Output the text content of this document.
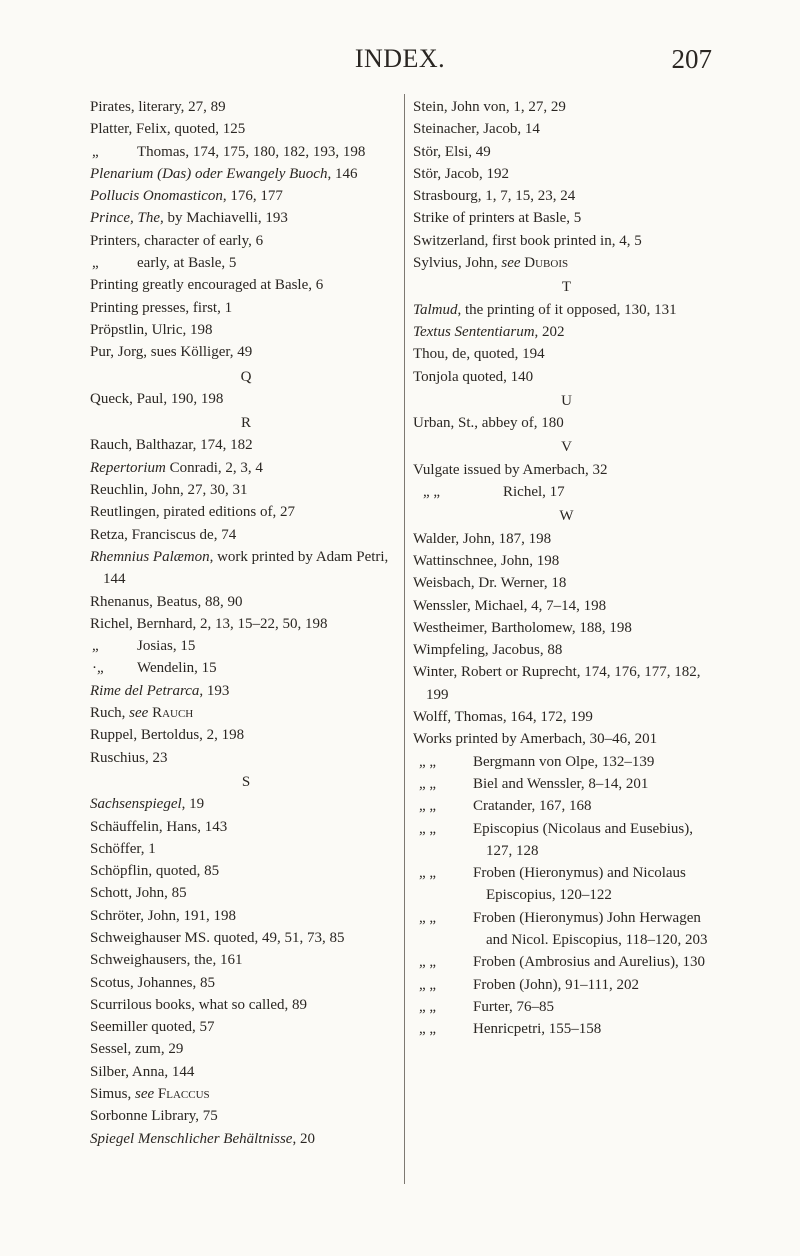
INDEX.	207
Pirates, literary, 27, 89
Platter, Felix, quoted, 125
„	Thomas, 174, 175, 180, 182, 193, 198
Plenarium (Das) oder Ewangely Buoch, 146
Pollucis Onomasticon, 176, 177
Prince, The, by Machiavelli, 193
Printers, character of early, 6
„	early, at Basle, 5
Printing greatly encouraged at Basle, 6
Printing presses, first, 1
Pröpstlin, Ulric, 198
Pur, Jorg, sues Kölliger, 49
Q
Queck, Paul, 190, 198
R
Rauch, Balthazar, 174, 182
Repertorium Conradi, 2, 3, 4
Reuchlin, John, 27, 30, 31
Reutlingen, pirated editions of, 27
Retza, Franciscus de, 74
Rhemnius Palæmon, work printed by Adam Petri, 144
Rhenanus, Beatus, 88, 90
Richel, Bernhard, 2, 13, 15–22, 50, 198
„	Josias, 15
·„	Wendelin, 15
Rime del Petrarca, 193
Ruch, see Rauch
Ruppel, Bertoldus, 2, 198
Ruschius, 23
S
Sachsenspiegel, 19
Schäuffelin, Hans, 143
Schöffer, 1
Schöpflin, quoted, 85
Schott, John, 85
Schröter, John, 191, 198
Schweighauser MS. quoted, 49, 51, 73, 85
Schweighausers, the, 161
Scotus, Johannes, 85
Scurrilous books, what so called, 89
Seemiller quoted, 57
Sessel, zum, 29
Silber, Anna, 144
Simus, see Flaccus
Sorbonne Library, 75
Spiegel Menschlicher Behältnisse, 20
Stein, John von, 1, 27, 29
Steinacher, Jacob, 14
Stör, Elsi, 49
Stör, Jacob, 192
Strasbourg, 1, 7, 15, 23, 24
Strike of printers at Basle, 5
Switzerland, first book printed in, 4, 5
Sylvius, John, see Dubois
T
Talmud, the printing of it opposed, 130, 131
Textus Sententiarum, 202
Thou, de, quoted, 194
Tonjola quoted, 140
U
Urban, St., abbey of, 180
V
Vulgate issued by Amerbach, 32
„ „	Richel, 17
W
Walder, John, 187, 198
Wattinschnee, John, 198
Weisbach, Dr. Werner, 18
Wenssler, Michael, 4, 7–14, 198
Westheimer, Bartholomew, 188, 198
Wimpfeling, Jacobus, 88
Winter, Robert or Ruprecht, 174, 176, 177, 182, 199
Wolff, Thomas, 164, 172, 199
Works printed by Amerbach, 30–46, 201
„ „	Bergmann von Olpe, 132–139
„ „	Biel and Wenssler, 8–14, 201
„ „	Cratander, 167, 168
„ „	Episcopius (Nicolaus and Eusebius), 127, 128
„ „	Froben (Hieronymus) and Nicolaus Episcopius, 120–122
„ „	Froben (Hieronymus) John Herwagen and Nicol. Episcopius, 118–120, 203
„ „	Froben (Ambrosius and Aurelius), 130
„ „	Froben (John), 91–111, 202
„ „	Furter, 76–85
„ „	Henricpetri, 155–158
